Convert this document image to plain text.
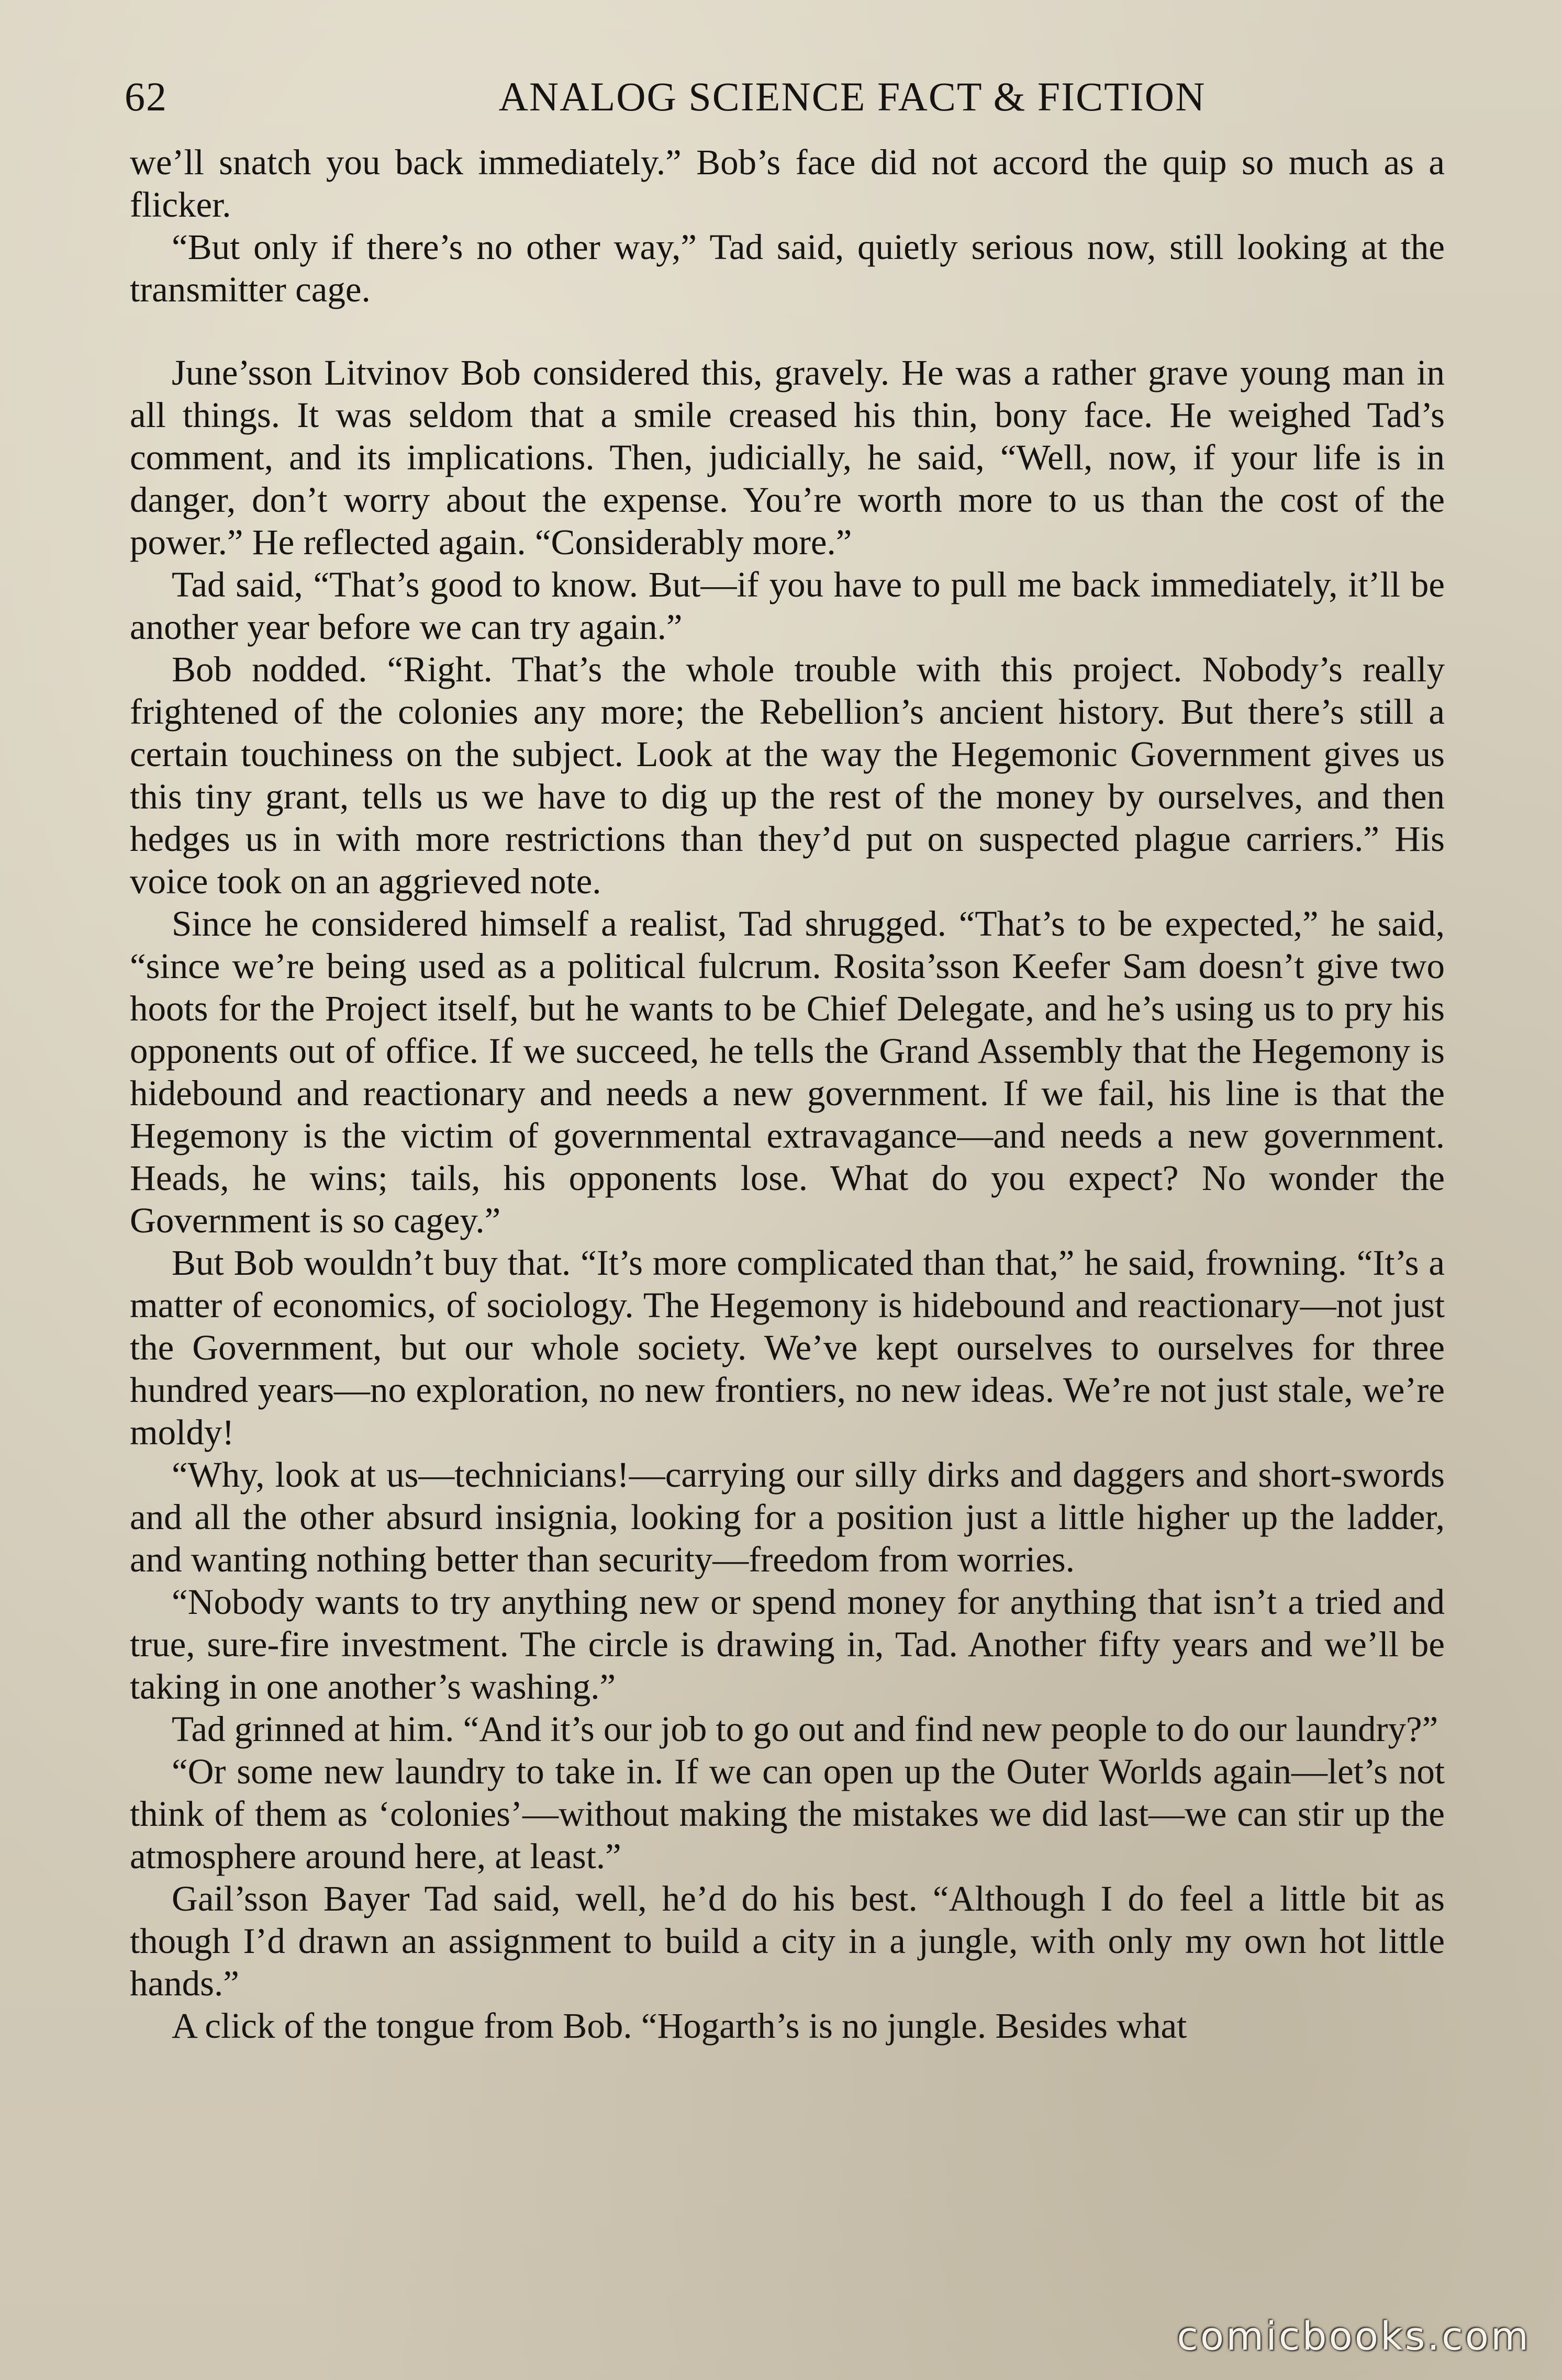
62	ANALOG SCIENCE FACT & FICTION

we’ll snatch you back immediately.” Bob’s face did not accord the quip so much as a flicker.

“But only if there’s no other way,” Tad said, quietly serious now, still looking at the transmitter cage.

June’sson Litvinov Bob considered this, gravely. He was a rather grave young man in all things. It was seldom that a smile creased his thin, bony face. He weighed Tad’s comment, and its implications. Then, judicially, he said, “Well, now, if your life is in danger, don’t worry about the expense. You’re worth more to us than the cost of the power.” He reflected again. “Considerably more.”

Tad said, “That’s good to know. But—if you have to pull me back immediately, it’ll be another year before we can try again.”

Bob nodded. “Right. That’s the whole trouble with this project. Nobody’s really frightened of the colonies any more; the Rebellion’s ancient history. But there’s still a certain touchiness on the subject. Look at the way the Hegemonic Government gives us this tiny grant, tells us we have to dig up the rest of the money by ourselves, and then hedges us in with more restrictions than they’d put on suspected plague carriers.” His voice took on an aggrieved note.

Since he considered himself a realist, Tad shrugged. “That’s to be expected,” he said, “since we’re being used as a political fulcrum. Rosita’sson Keefer Sam doesn’t give two hoots for the Project itself, but he wants to be Chief Delegate, and he’s using us to pry his opponents out of office. If we succeed, he tells the Grand Assembly that the Hegemony is hidebound and reactionary and needs a new government. If we fail, his line is that the Hegemony is the victim of governmental extravagance—and needs a new government. Heads, he wins; tails, his opponents lose. What do you expect? No wonder the Government is so cagey.”

But Bob wouldn’t buy that. “It’s more complicated than that,” he said, frowning. “It’s a matter of economics, of sociology. The Hegemony is hidebound and reactionary—not just the Government, but our whole society. We’ve kept ourselves to ourselves for three hundred years—no exploration, no new frontiers, no new ideas. We’re not just stale, we’re moldy!

“Why, look at us—technicians!—carrying our silly dirks and daggers and short-swords and all the other absurd insignia, looking for a position just a little higher up the ladder, and wanting nothing better than security—freedom from worries.

“Nobody wants to try anything new or spend money for anything that isn’t a tried and true, sure-fire investment. The circle is drawing in, Tad. Another fifty years and we’ll be taking in one another’s washing.”

Tad grinned at him. “And it’s our job to go out and find new people to do our laundry?”

“Or some new laundry to take in. If we can open up the Outer Worlds again—let’s not think of them as ‘colonies’—without making the mistakes we did last—we can stir up the atmosphere around here, at least.”

Gail’sson Bayer Tad said, well, he’d do his best. “Although I do feel a little bit as though I’d drawn an assignment to build a city in a jungle, with only my own hot little hands.”

A click of the tongue from Bob. “Hogarth’s is no jungle. Besides what

comicbooks.com
